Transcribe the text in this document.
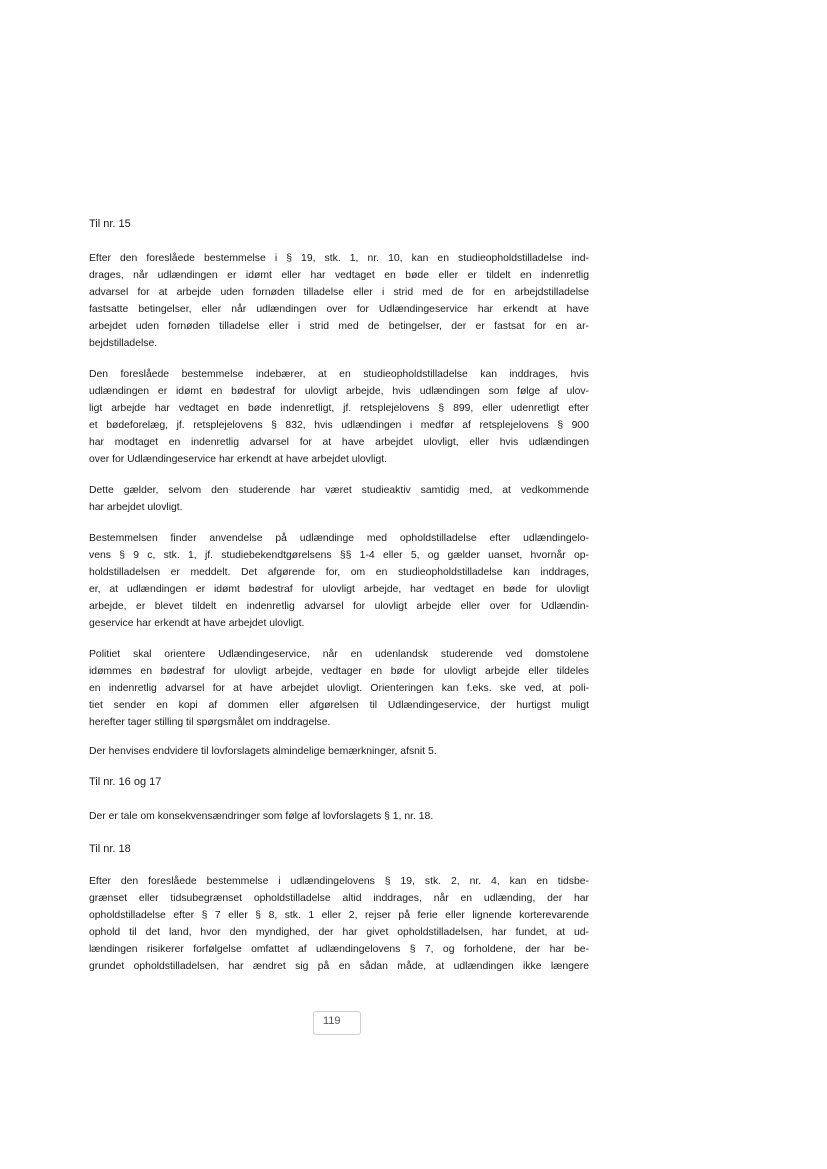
Til nr. 15
Efter den foreslåede bestemmelse i § 19, stk. 1, nr. 10, kan en studieopholdstilladelse ind-
drages, når udlændingen er idømt eller har vedtaget en bøde eller er tildelt en indenretlig
advarsel for at arbejde uden fornøden tilladelse eller i strid med de for en arbejdstilladelse
fastsatte betingelser, eller når udlændingen over for Udlændingeservice har erkendt at have
arbejdet uden fornøden tilladelse eller i strid med de betingelser, der er fastsat for en ar-
bejdstilladelse.
Den foreslåede bestemmelse indebærer, at en studieopholdstilladelse kan inddrages, hvis
udlændingen er idømt en bødestraf for ulovligt arbejde, hvis udlændingen som følge af ulov-
ligt arbejde har vedtaget en bøde indenretligt, jf. retsplejelovens § 899, eller udenretligt efter
et bødeforelæg, jf. retsplejelovens § 832, hvis udlændingen i medfør af retsplejelovens § 900
har modtaget en indenretlig advarsel for at have arbejdet ulovligt, eller hvis udlændingen
over for Udlændingeservice har erkendt at have arbejdet ulovligt.
Dette gælder, selvom den studerende har været studieaktiv samtidig med, at vedkommende
har arbejdet ulovligt.
Bestemmelsen finder anvendelse på udlændinge med opholdstilladelse efter udlændingelo-
vens § 9 c, stk. 1, jf. studiebekendtgørelsens §§ 1-4 eller 5, og gælder uanset, hvornår op-
holdstilladelsen er meddelt. Det afgørende for, om en studieopholdstilladelse kan inddrages,
er, at udlændingen er idømt bødestraf for ulovligt arbejde, har vedtaget en bøde for ulovligt
arbejde, er blevet tildelt en indenretlig advarsel for ulovligt arbejde eller over for Udlændin-
geservice har erkendt at have arbejdet ulovligt.
Politiet skal orientere Udlændingeservice, når en udenlandsk studerende ved domstolene
idømmes en bødestraf for ulovligt arbejde, vedtager en bøde for ulovligt arbejde eller tildeles
en indenretlig advarsel for at have arbejdet ulovligt. Orienteringen kan f.eks. ske ved, at poli-
tiet sender en kopi af dommen eller afgørelsen til Udlændingeservice, der hurtigst muligt
herefter tager stilling til spørgsmålet om inddragelse.
Der henvises endvidere til lovforslagets almindelige bemærkninger, afsnit 5.
Til nr. 16 og 17
Der er tale om konsekvensændringer som følge af lovforslagets § 1, nr. 18.
Til nr. 18
Efter den foreslåede bestemmelse i udlændingelovens § 19, stk. 2, nr. 4, kan en tidsbe-
grænset eller tidsubegrænset opholdstilladelse altid inddrages, når en udlænding, der har
opholdstilladelse efter § 7 eller § 8, stk. 1 eller 2, rejser på ferie eller lignende korterevarende
ophold til det land, hvor den myndighed, der har givet opholdstilladelsen, har fundet, at ud-
lændingen risikerer forfølgelse omfattet af udlændingelovens § 7, og forholdene, der har be-
grundet opholdstilladelsen, har ændret sig på en sådan måde, at udlændingen ikke længere
119
